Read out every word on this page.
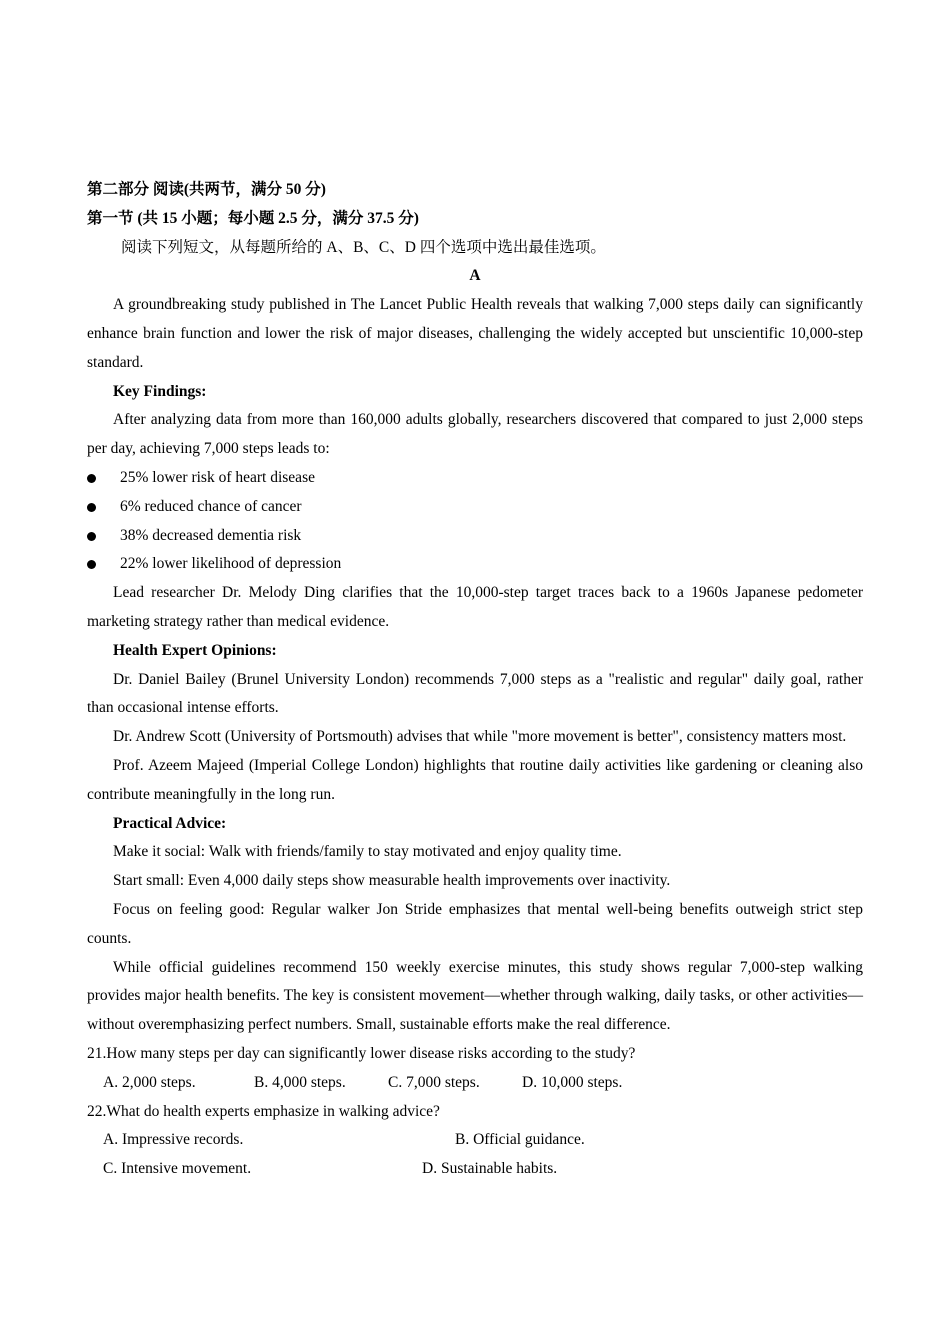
第二部分 阅读(共两节，满分 50 分)
第一节 (共 15 小题；每小题 2.5 分，满分 37.5 分)
阅读下列短文，从每题所给的 A、B、C、D 四个选项中选出最佳选项。
A

A groundbreaking study published in The Lancet Public Health reveals that walking 7,000 steps daily can significantly enhance brain function and lower the risk of major diseases, challenging the widely accepted but unscientific 10,000-step standard.

Key Findings:

After analyzing data from more than 160,000 adults globally, researchers discovered that compared to just 2,000 steps per day, achieving 7,000 steps leads to:

25% lower risk of heart disease
6% reduced chance of cancer
38% decreased dementia risk
22% lower likelihood of depression

Lead researcher Dr. Melody Ding clarifies that the 10,000-step target traces back to a 1960s Japanese pedometer marketing strategy rather than medical evidence.

Health Expert Opinions:

Dr. Daniel Bailey (Brunel University London) recommends 7,000 steps as a "realistic and regular" daily goal, rather than occasional intense efforts.

Dr. Andrew Scott (University of Portsmouth) advises that while "more movement is better", consistency matters most.

Prof. Azeem Majeed (Imperial College London) highlights that routine daily activities like gardening or cleaning also contribute meaningfully in the long run.

Practical Advice:

Make it social: Walk with friends/family to stay motivated and enjoy quality time.

Start small: Even 4,000 daily steps show measurable health improvements over inactivity.

Focus on feeling good: Regular walker Jon Stride emphasizes that mental well-being benefits outweigh strict step counts.

While official guidelines recommend 150 weekly exercise minutes, this study shows regular 7,000-step walking provides major health benefits. The key is consistent movement—whether through walking, daily tasks, or other activities—without overemphasizing perfect numbers. Small, sustainable efforts make the real difference.

21.How many steps per day can significantly lower disease risks according to the study?
A. 2,000 steps.	B. 4,000 steps.	C. 7,000 steps.	D. 10,000 steps.
22.What do health experts emphasize in walking advice?
A. Impressive records.	B. Official guidance.
C. Intensive movement.	D. Sustainable habits.
